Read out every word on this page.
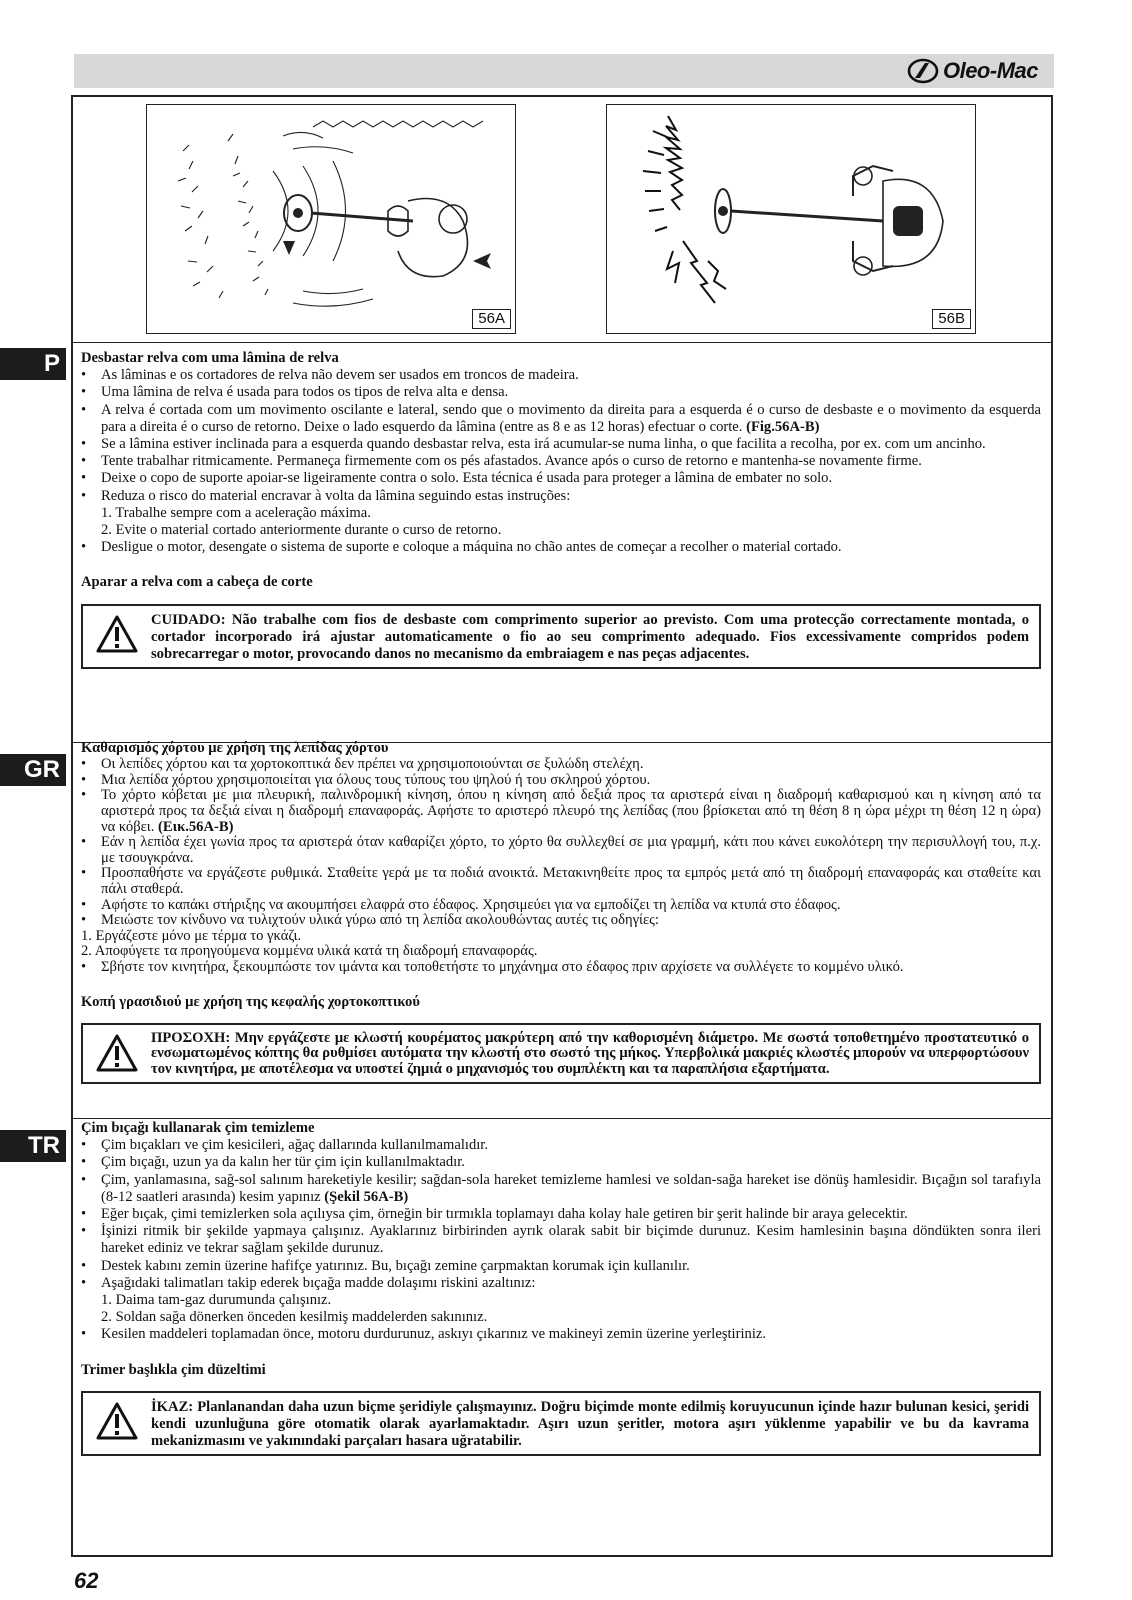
Oleo-Mac
56A	56B
P
GR
TR
Desbastar relva com uma lâmina de relva
• As lâminas e os cortadores de relva não devem ser usados em troncos de madeira.
• Uma lâmina de relva é usada para todos os tipos de relva alta e densa.
• A relva é cortada com um movimento oscilante e lateral, sendo que o movimento da direita para a esquerda é o curso de desbaste e o movimento da esquerda para a direita é o curso de retorno. Deixe o lado esquerdo da lâmina (entre as 8 e as 12 horas) efectuar o corte. (Fig.56A-B)
• Se a lâmina estiver inclinada para a esquerda quando desbastar relva, esta irá acumular-se numa linha, o que facilita a recolha, por ex. com um ancinho.
• Tente trabalhar ritmicamente. Permaneça firmemente com os pés afastados. Avance após o curso de retorno e mantenha-se novamente firme.
• Deixe o copo de suporte apoiar-se ligeiramente contra o solo. Esta técnica é usada para proteger a lâmina de embater no solo.
• Reduza o risco do material encravar à volta da lâmina seguindo estas instruções:
1. Trabalhe sempre com a aceleração máxima.
2. Evite o material cortado anteriormente durante o curso de retorno.
• Desligue o motor, desengate o sistema de suporte e coloque a máquina no chão antes de começar a recolher o material cortado.
Aparar a relva com a cabeça de corte
CUIDADO: Não trabalhe com fios de desbaste com comprimento superior ao previsto. Com uma protecção correctamente montada, o cortador incorporado irá ajustar automaticamente o fio ao seu comprimento adequado. Fios excessivamente compridos podem sobrecarregar o motor, provocando danos no mecanismo da embraiagem e nas peças adjacentes.
Καθαρισμός χόρτου με χρήση της λεπίδας χόρτου
• Οι λεπίδες χόρτου και τα χορτοκοπτικά δεν πρέπει να χρησιμοποιούνται σε ξυλώδη στελέχη.
• Μια λεπίδα χόρτου χρησιμοποιείται για όλους τους τύπους του ψηλού ή του σκληρού χόρτου.
• Το χόρτο κόβεται με μια πλευρική, παλινδρομική κίνηση, όπου η κίνηση από δεξιά προς τα αριστερά είναι η διαδρομή καθαρισμού και η κίνηση από τα αριστερά προς τα δεξιά είναι η διαδρομή επαναφοράς. Αφήστε το αριστερό πλευρό της λεπίδας (που βρίσκεται από τη θέση 8 η ώρα μέχρι τη θέση 12 η ώρα) να κόβει. (Εικ.56A-B)
• Εάν η λεπίδα έχει γωνία προς τα αριστερά όταν καθαρίζει χόρτο, το χόρτο θα συλλεχθεί σε μια γραμμή, κάτι που κάνει ευκολότερη την περισυλλογή του, π.χ. με τσουγκράνα.
• Προσπαθήστε να εργάζεστε ρυθμικά. Σταθείτε γερά με τα ποδιά ανοικτά. Μετακινηθείτε προς τα εμπρός μετά από τη διαδρομή επαναφοράς και σταθείτε και πάλι σταθερά.
• Αφήστε το καπάκι στήριξης να ακουμπήσει ελαφρά στο έδαφος. Χρησιμεύει για να εμποδίζει τη λεπίδα να κτυπά στο έδαφος.
• Μειώστε τον κίνδυνο να τυλιχτούν υλικά γύρω από τη λεπίδα ακολουθώντας αυτές τις οδηγίες:
1. Εργάζεστε μόνο με τέρμα το γκάζι.
2. Αποφύγετε τα προηγούμενα κομμένα υλικά κατά τη διαδρομή επαναφοράς.
• Σβήστε τον κινητήρα, ξεκουμπώστε τον ιμάντα και τοποθετήστε το μηχάνημα στο έδαφος πριν αρχίσετε να συλλέγετε το κομμένο υλικό.
Κοπή γρασιδιού με χρήση της κεφαλής χορτοκοπτικού
ΠΡΟΣΟΧΗ: Μην εργάζεστε με κλωστή κουρέματος μακρύτερη από την καθορισμένη διάμετρο. Με σωστά τοποθετημένο προστατευτικό ο ενσωματωμένος κόπτης θα ρυθμίσει αυτόματα την κλωστή στο σωστό της μήκος. Υπερβολικά μακριές κλωστές μπορούν να υπερφορτώσουν τον κινητήρα, με αποτέλεσμα να υποστεί ζημιά ο μηχανισμός του συμπλέκτη και τα παραπλήσια εξαρτήματα.
Çim bıçağı kullanarak çim temizleme
• Çim bıçakları ve çim kesicileri, ağaç dallarında kullanılmamalıdır.
• Çim bıçağı, uzun ya da kalın her tür çim için kullanılmaktadır.
• Çim, yanlamasına, sağ-sol salınım hareketiyle kesilir; sağdan-sola hareket temizleme hamlesi ve soldan-sağa hareket ise dönüş hamlesidir. Bıçağın sol tarafıyla (8-12 saatleri arasında) kesim yapınız (Şekil 56A-B)
• Eğer bıçak, çimi temizlerken sola açılıysa çim, örneğin bir tırmıkla toplamayı daha kolay hale getiren bir şerit halinde bir araya gelecektir.
• İşinizi ritmik bir şekilde yapmaya çalışınız. Ayaklarınız birbirinden ayrık olarak sabit bir biçimde durunuz. Kesim hamlesinin başına döndükten sonra ileri hareket ediniz ve tekrar sağlam şekilde durunuz.
• Destek kabını zemin üzerine hafifçe yatırınız. Bu, bıçağı zemine çarpmaktan korumak için kullanılır.
• Aşağıdaki talimatları takip ederek bıçağa madde dolaşımı riskini azaltınız:
1. Daima tam-gaz durumunda çalışınız.
2. Soldan sağa dönerken önceden kesilmiş maddelerden sakınınız.
• Kesilen maddeleri toplamadan önce, motoru durdurunuz, askıyı çıkarınız ve makineyi zemin üzerine yerleştiriniz.
Trimer başlıkla çim düzeltimi
İKAZ: Planlanandan daha uzun biçme şeridiyle çalışmayınız. Doğru biçimde monte edilmiş koruyucunun içinde hazır bulunan kesici, şeridi kendi uzunluğuna göre otomatik olarak ayarlamaktadır. Aşırı uzun şeritler, motora aşırı yüklenme yapabilir ve bu da kavrama mekanizmasını ve yakınındaki parçaları hasara uğratabilir.
62
